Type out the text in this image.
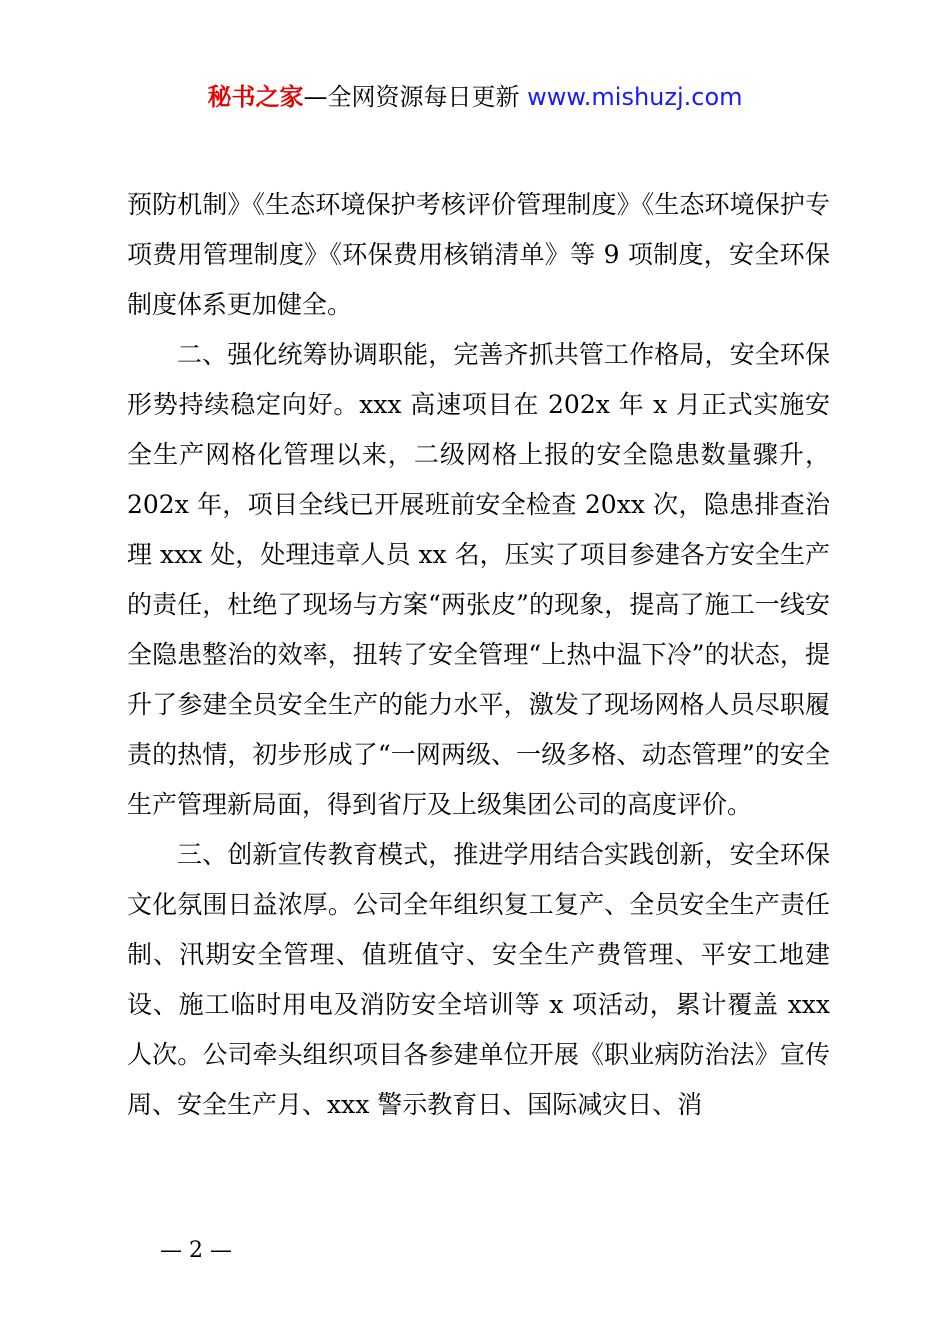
秘书之家—全网资源每日更新 www.mishuzj.com

预防机制》《生态环境保护考核评价管理制度》《生态环境保护专项费用管理制度》《环保费用核销清单》等 9 项制度，安全环保制度体系更加健全。

二、强化统筹协调职能，完善齐抓共管工作格局，安全环保形势持续稳定向好。xxx 高速项目在 202x 年 x 月正式实施安全生产网格化管理以来，二级网格上报的安全隐患数量骤升，202x 年，项目全线已开展班前安全检查 20xx 次，隐患排查治理 xxx 处，处理违章人员 xx 名，压实了项目参建各方安全生产的责任，杜绝了现场与方案“两张皮”的现象，提高了施工一线安全隐患整治的效率，扭转了安全管理“上热中温下冷”的状态，提升了参建全员安全生产的能力水平，激发了现场网格人员尽职履责的热情，初步形成了“一网两级、一级多格、动态管理”的安全生产管理新局面，得到省厅及上级集团公司的高度评价。

三、创新宣传教育模式，推进学用结合实践创新，安全环保文化氛围日益浓厚。公司全年组织复工复产、全员安全生产责任制、汛期安全管理、值班值守、安全生产费管理、平安工地建设、施工临时用电及消防安全培训等 x 项活动，累计覆盖 xxx 人次。公司牵头组织项目各参建单位开展《职业病防治法》宣传周、安全生产月、xxx 警示教育日、国际减灾日、消

— 2 —
